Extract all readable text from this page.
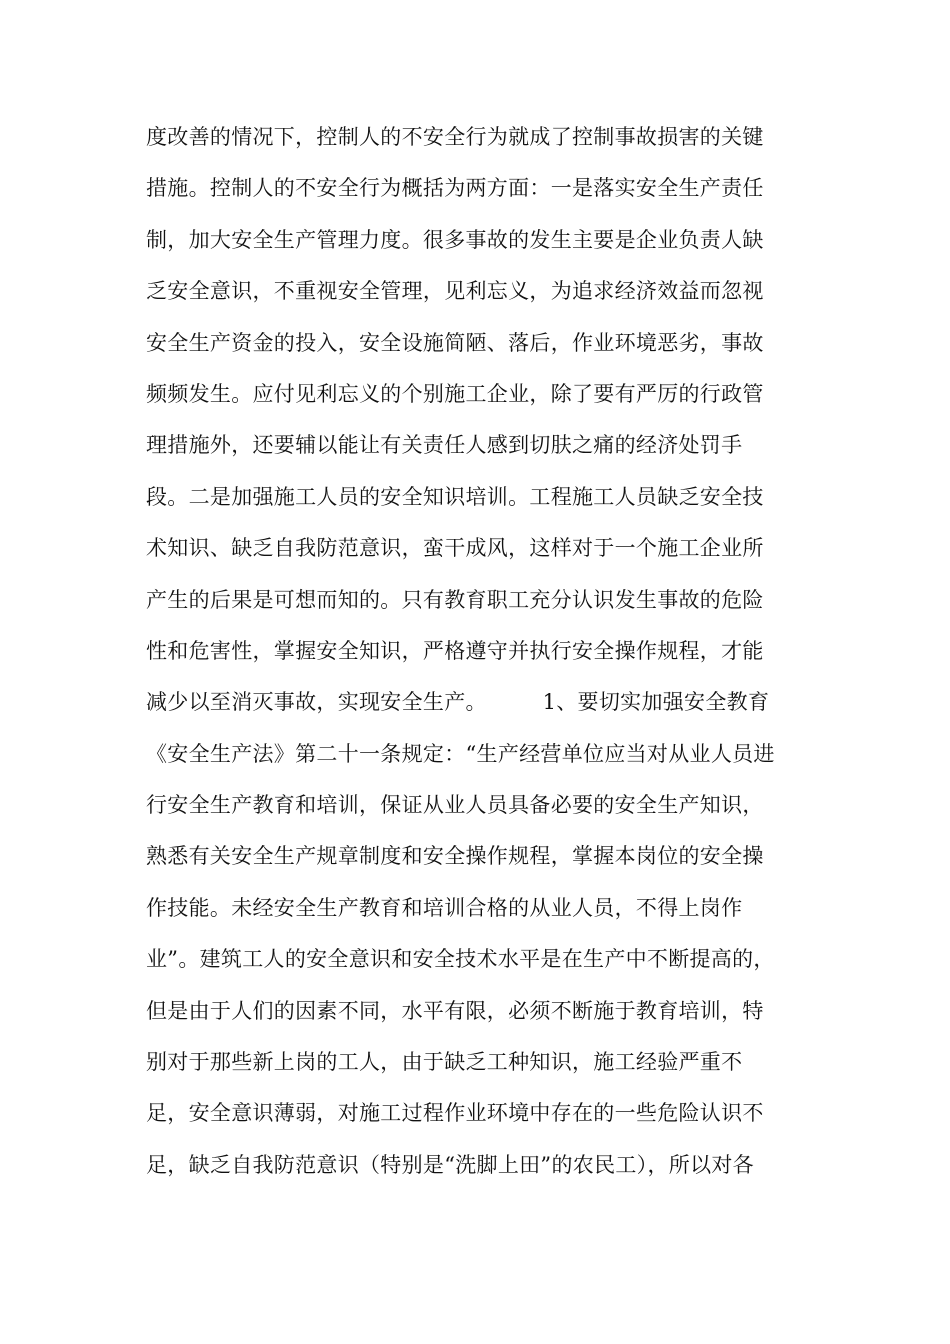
度改善的情况下，控制人的不安全行为就成了控制事故损害的关键
措施。控制人的不安全行为概括为两方面：一是落实安全生产责任
制，加大安全生产管理力度。很多事故的发生主要是企业负责人缺
乏安全意识，不重视安全管理，见利忘义，为追求经济效益而忽视
安全生产资金的投入，安全设施简陋、落后，作业环境恶劣，事故
频频发生。应付见利忘义的个别施工企业，除了要有严厉的行政管
理措施外，还要辅以能让有关责任人感到切肤之痛的经济处罚手
段。二是加强施工人员的安全知识培训。工程施工人员缺乏安全技
术知识、缺乏自我防范意识，蛮干成风，这样对于一个施工企业所
产生的后果是可想而知的。只有教育职工充分认识发生事故的危险
性和危害性，掌握安全知识，严格遵守并执行安全操作规程，才能
减少以至消灭事故，实现安全生产。        1、要切实加强安全教育
《安全生产法》第二十一条规定：“生产经营单位应当对从业人员进
行安全生产教育和培训，保证从业人员具备必要的安全生产知识，
熟悉有关安全生产规章制度和安全操作规程，掌握本岗位的安全操
作技能。未经安全生产教育和培训合格的从业人员，不得上岗作
业”。建筑工人的安全意识和安全技术水平是在生产中不断提高的，
但是由于人们的因素不同，水平有限，必须不断施于教育培训，特
别对于那些新上岗的工人，由于缺乏工种知识，施工经验严重不
足，安全意识薄弱，对施工过程作业环境中存在的一些危险认识不
足，缺乏自我防范意识（特别是“洗脚上田”的农民工），所以对各
